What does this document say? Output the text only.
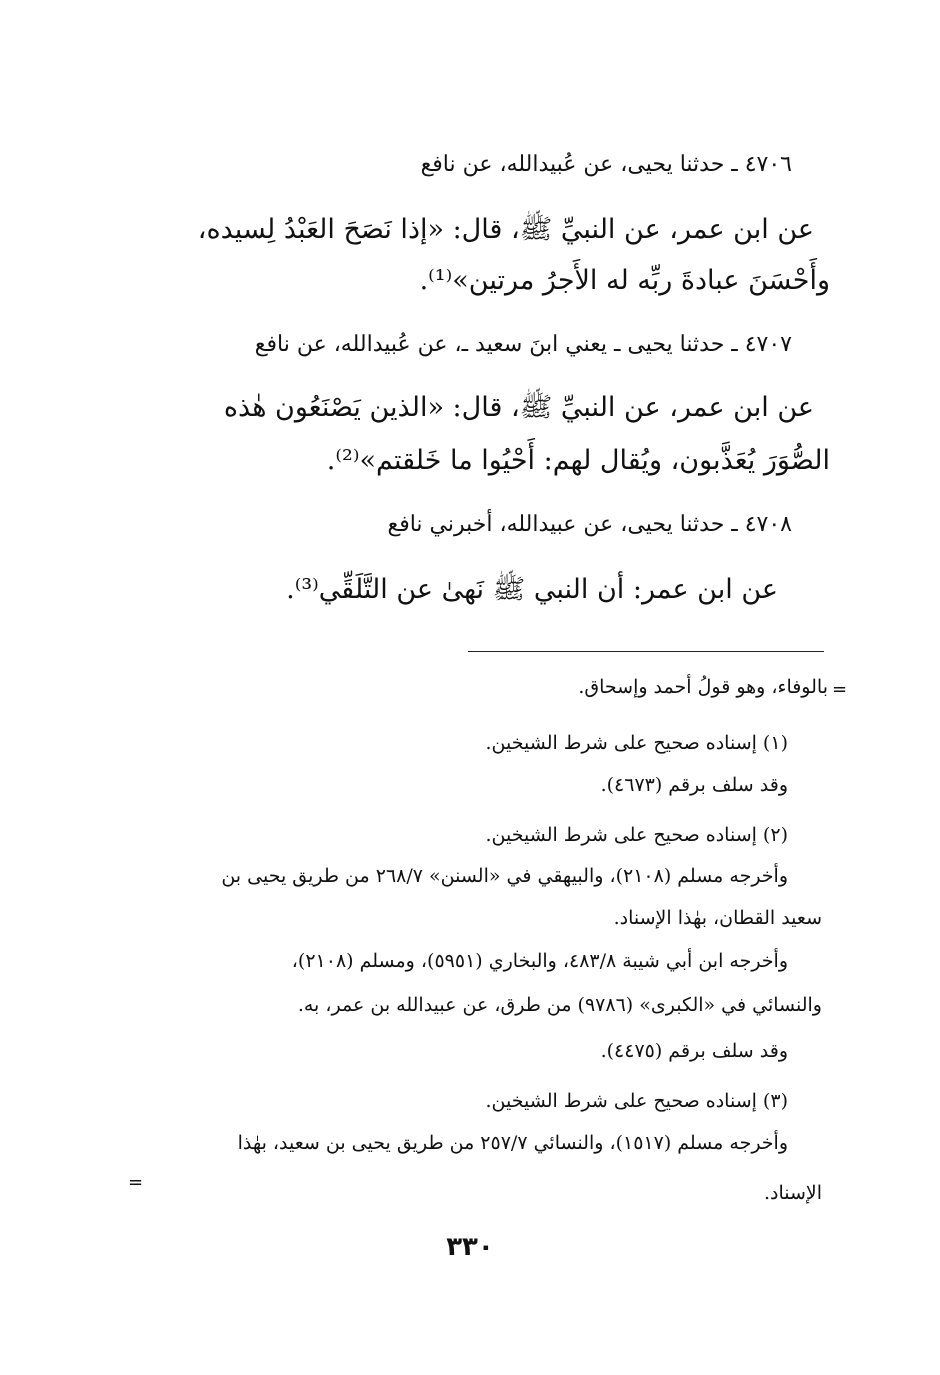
٤٧٠٦ ـ حدثنا يحيى، عن عُبيدالله، عن نافع
عن ابن عمر، عن النبيِّ ﷺ، قال: «إذا نَصَحَ العَبْدُ لِسيده،
وأَحْسَنَ عبادةَ ربِّه له الأَجرُ مرتين»⁽¹⁾.
٤٧٠٧ ـ حدثنا يحيى ـ يعني ابنَ سعيد ـ، عن عُبيدالله، عن نافع
عن ابن عمر، عن النبيِّ ﷺ، قال: «الذين يَصْنَعُون هٰذه
الصُّوَرَ يُعَذَّبون، ويُقال لهم: أَحْيُوا ما خَلقتم»⁽²⁾.
٤٧٠٨ ـ حدثنا يحيى، عن عبيدالله، أخبرني نافع
عن ابن عمر: أن النبي ﷺ نَهىٰ عن التَّلَقِّي⁽³⁾.
=
بالوفاء، وهو قولُ أحمد وإسحاق.
(١) إسناده صحيح على شرط الشيخين.
وقد سلف برقم (٤٦٧٣).
(٢) إسناده صحيح على شرط الشيخين.
وأخرجه مسلم (٢١٠٨)، والبيهقي في «السنن» ٢٦٨/٧ من طريق يحيى بن
سعيد القطان، بهٰذا الإسناد.
وأخرجه ابن أبي شيبة ٤٨٣/٨، والبخاري (٥٩٥١)، ومسلم (٢١٠٨)،
والنسائي في «الكبرى» (٩٧٨٦) من طرق، عن عبيدالله بن عمر، به.
وقد سلف برقم (٤٤٧٥).
(٣) إسناده صحيح على شرط الشيخين.
وأخرجه مسلم (١٥١٧)، والنسائي ٢٥٧/٧ من طريق يحيى بن سعيد، بهٰذا
=	الإسناد.
٣٣٠
